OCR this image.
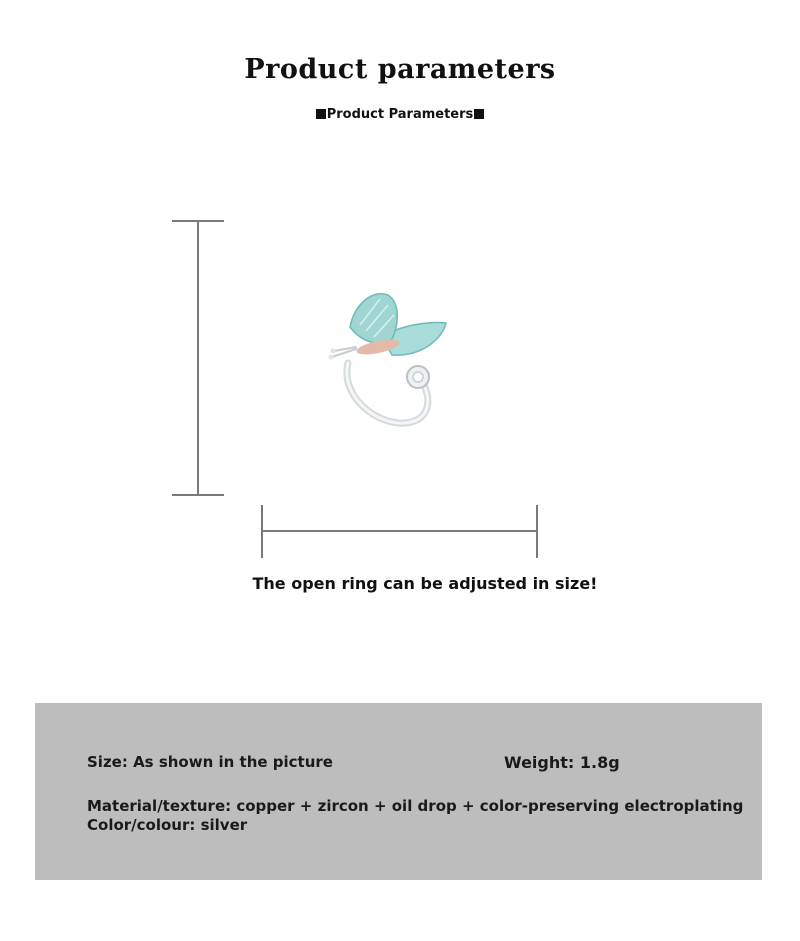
Product parameters
Product Parameters
The open ring can be adjusted in size!
Size: As shown in the picture	Weight: 1.8g
Material/texture: copper + zircon + oil drop + color-preserving electroplating
Color/colour: silver
